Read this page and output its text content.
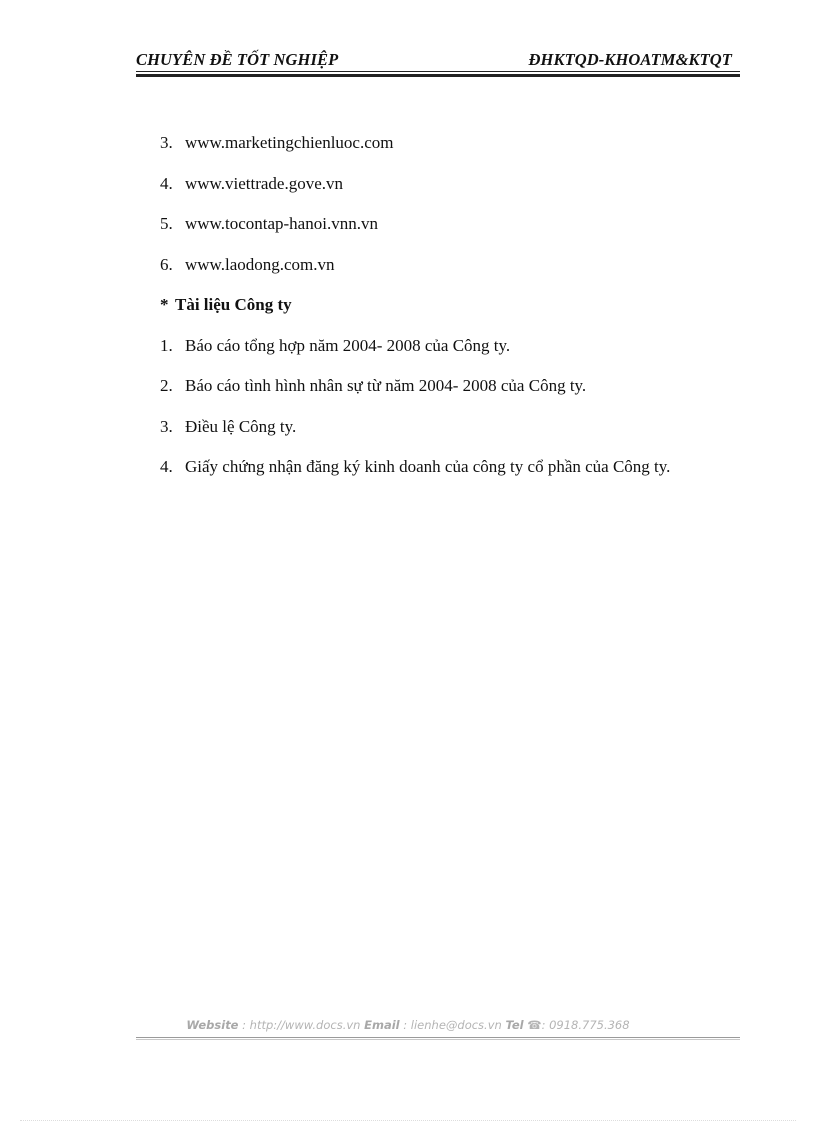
CHUYÊN ĐỀ TỐT NGHIỆP	ĐHKTQD-KHOATM&KTQT
3. www.marketingchienluoc.com
4. www.viettrade.gove.vn
5. www.tocontap-hanoi.vnn.vn
6. www.laodong.com.vn
* Tài liệu Công ty
1. Báo cáo tổng hợp năm 2004- 2008 của Công ty.
2. Báo cáo tình hình nhân sự từ năm 2004- 2008 của Công ty.
3. Điều lệ Công ty.
4. Giấy chứng nhận đăng ký kinh doanh của công ty cổ phần của Công ty.
Website : http://www.docs.vn Email : lienhe@docs.vn Tel ☎: 0918.775.368
